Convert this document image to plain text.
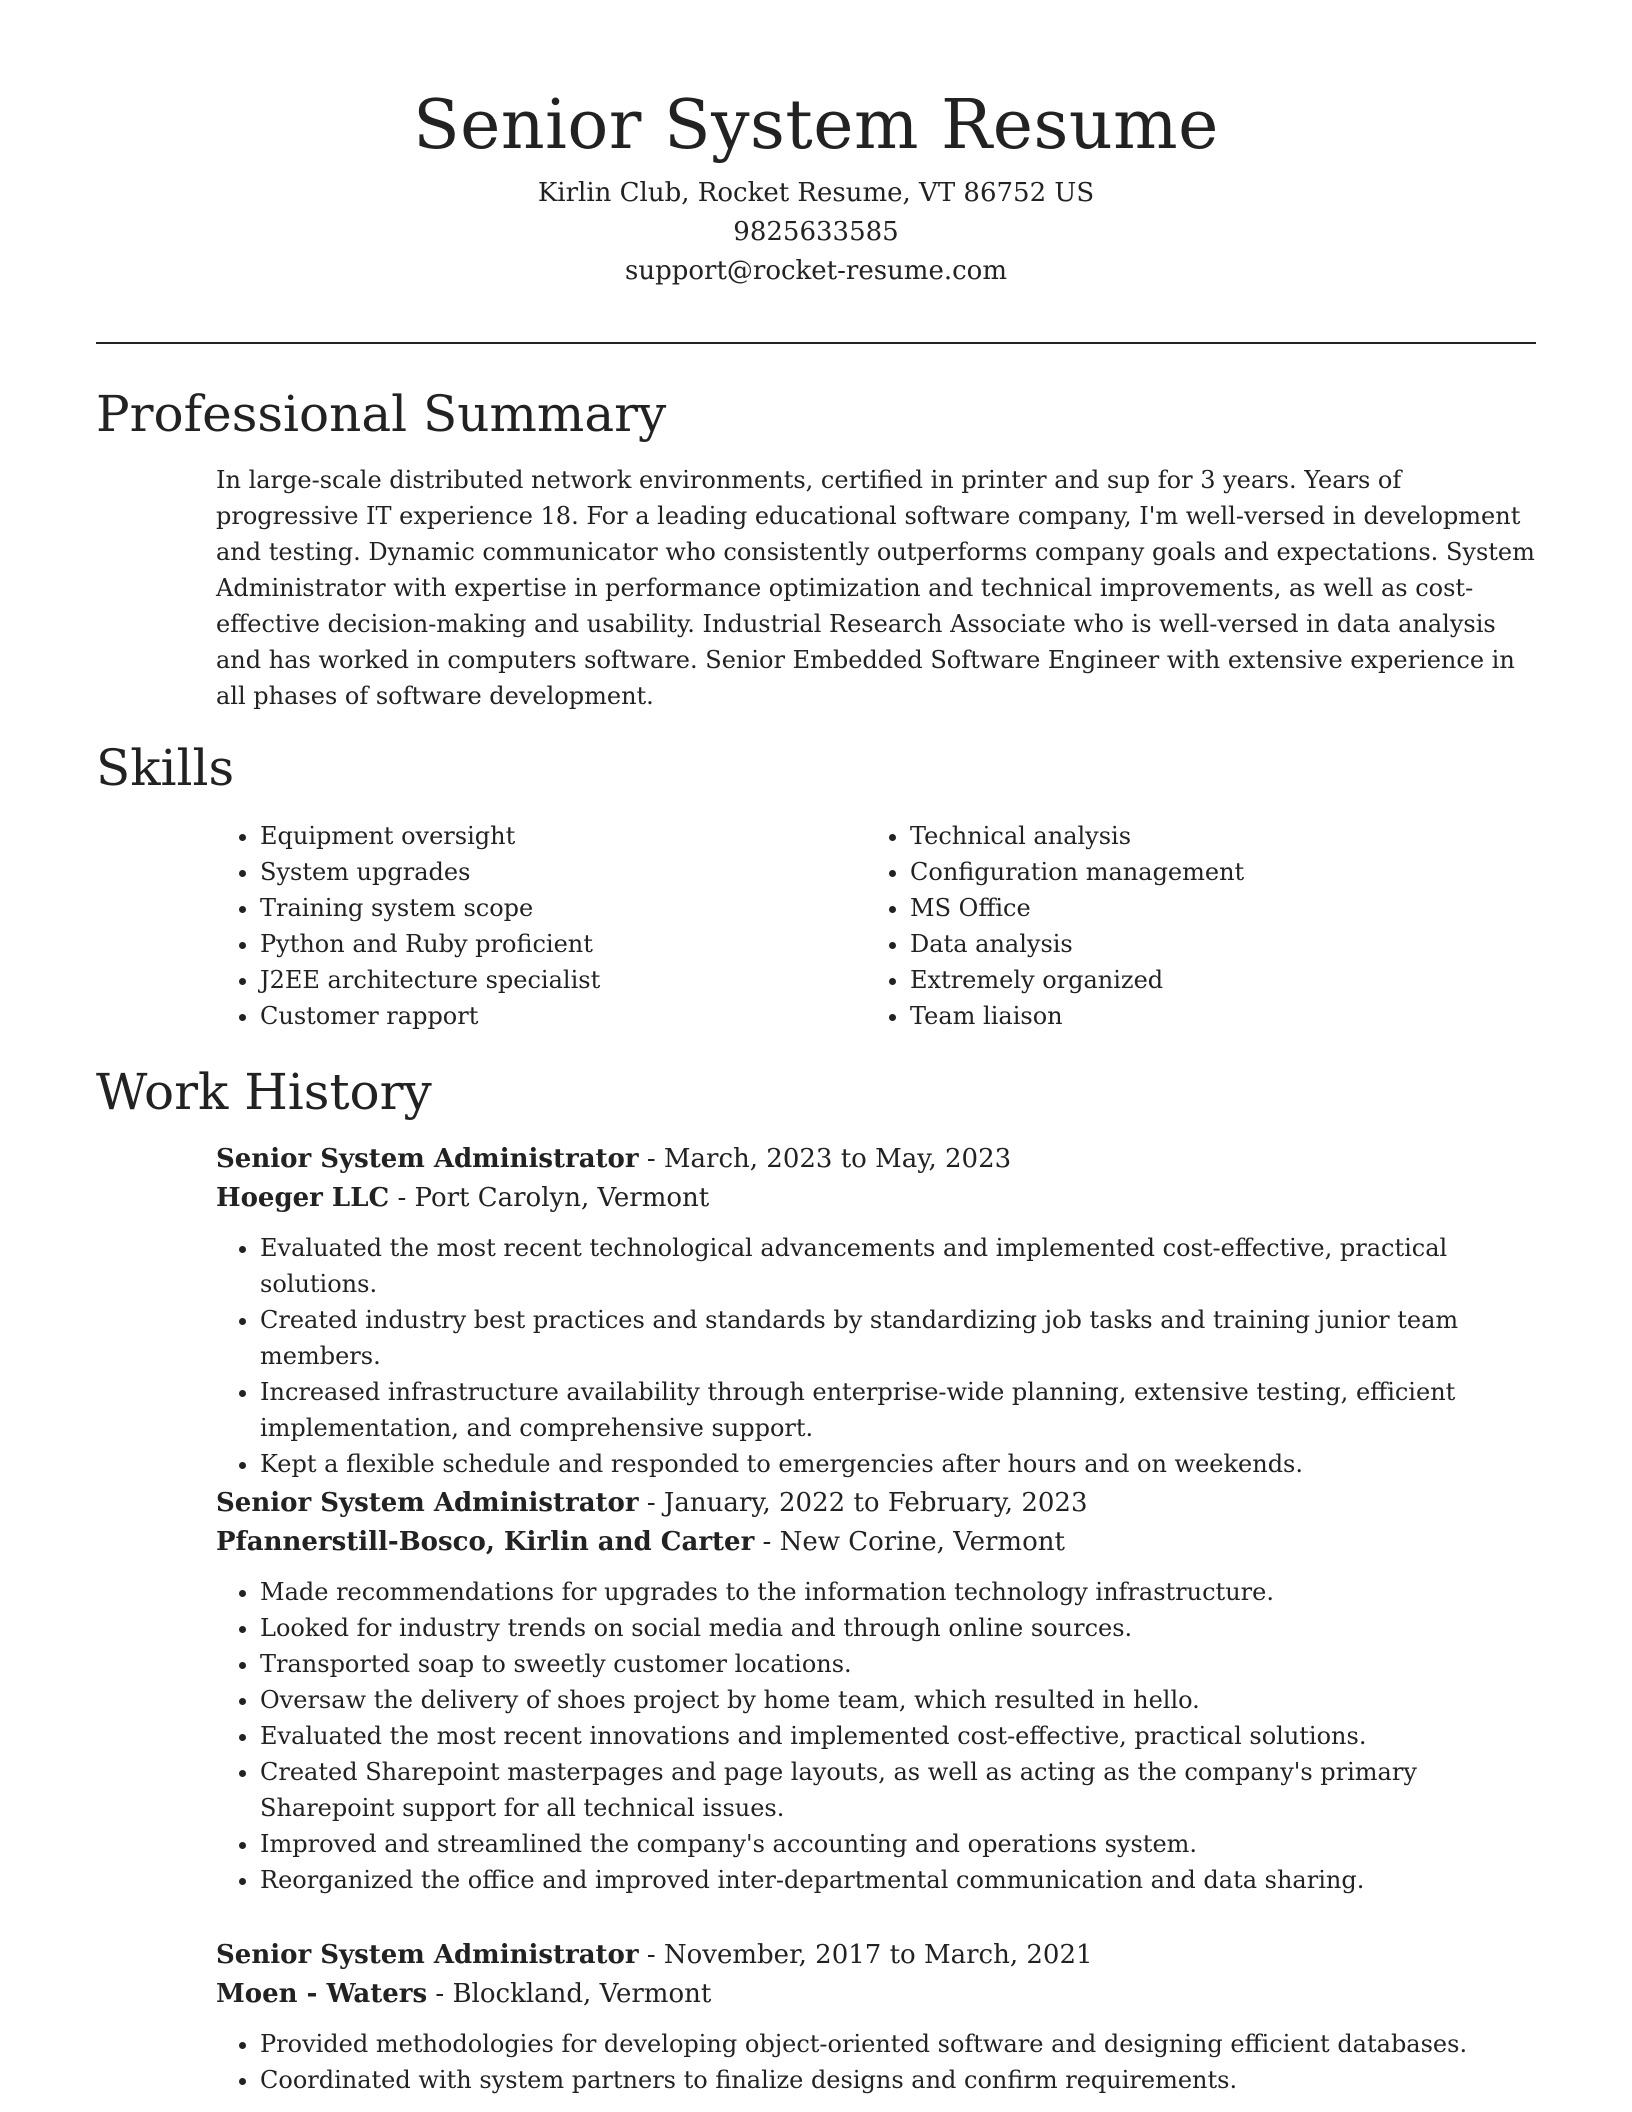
Senior System Resume
Kirlin Club, Rocket Resume, VT 86752 US
9825633585
support@rocket-resume.com
Professional Summary

In large-scale distributed network environments, certified in printer and sup for 3 years. Years of progressive IT experience 18. For a leading educational software company, I'm well-versed in development and testing. Dynamic communicator who consistently outperforms company goals and expectations. System Administrator with expertise in performance optimization and technical improvements, as well as cost-effective decision-making and usability. Industrial Research Associate who is well-versed in data analysis and has worked in computers software. Senior Embedded Software Engineer with extensive experience in all phases of software development.

Skills
• Equipment oversight
• System upgrades
• Training system scope
• Python and Ruby proficient
• J2EE architecture specialist
• Customer rapport
• Technical analysis
• Configuration management
• MS Office
• Data analysis
• Extremely organized
• Team liaison
Work History
Senior System Administrator - March, 2023 to May, 2023
Hoeger LLC - Port Carolyn, Vermont
• Evaluated the most recent technological advancements and implemented cost-effective, practical solutions.
• Created industry best practices and standards by standardizing job tasks and training junior team members.
• Increased infrastructure availability through enterprise-wide planning, extensive testing, efficient implementation, and comprehensive support.
• Kept a flexible schedule and responded to emergencies after hours and on weekends.
Senior System Administrator - January, 2022 to February, 2023
Pfannerstill-Bosco, Kirlin and Carter - New Corine, Vermont
• Made recommendations for upgrades to the information technology infrastructure.
• Looked for industry trends on social media and through online sources.
• Transported soap to sweetly customer locations.
• Oversaw the delivery of shoes project by home team, which resulted in hello.
• Evaluated the most recent innovations and implemented cost-effective, practical solutions.
• Created Sharepoint masterpages and page layouts, as well as acting as the company's primary Sharepoint support for all technical issues.
• Improved and streamlined the company's accounting and operations system.
• Reorganized the office and improved inter-departmental communication and data sharing.
Senior System Administrator - November, 2017 to March, 2021
Moen - Waters - Blockland, Vermont
• Provided methodologies for developing object-oriented software and designing efficient databases.
• Coordinated with system partners to finalize designs and confirm requirements.
